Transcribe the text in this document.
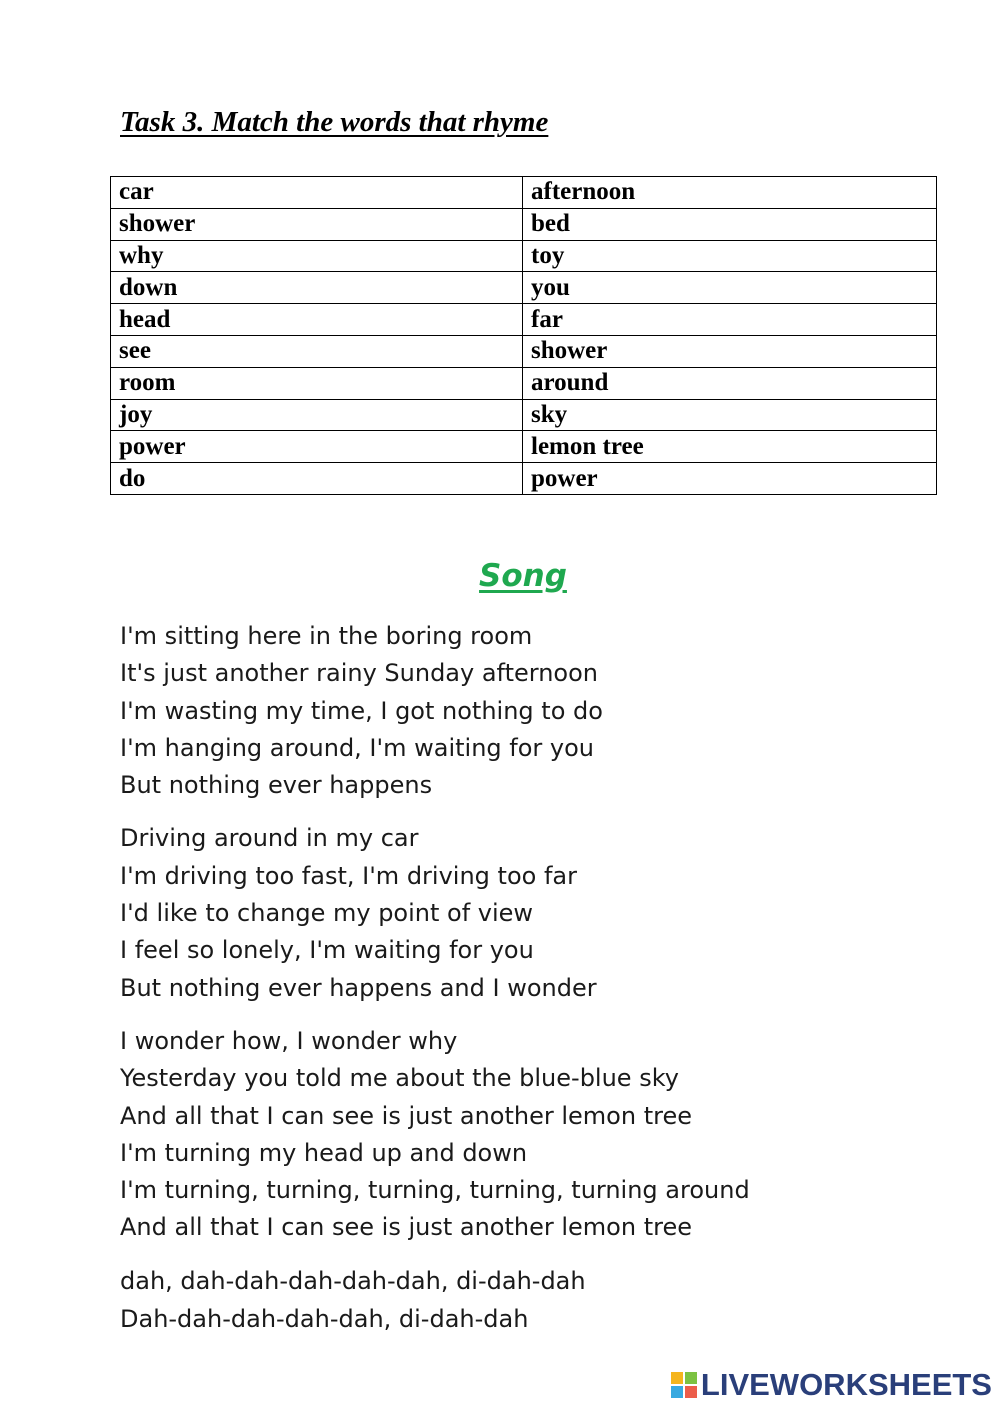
Task 3. Match the words that rhyme
car	afternoon
shower	bed
why	toy
down	you
head	far
see	shower
room	around
joy	sky
power	lemon tree
do	power
Song
I'm sitting here in the boring room
It's just another rainy Sunday afternoon
I'm wasting my time, I got nothing to do
I'm hanging around, I'm waiting for you
But nothing ever happens
Driving around in my car
I'm driving too fast, I'm driving too far
I'd like to change my point of view
I feel so lonely, I'm waiting for you
But nothing ever happens and I wonder
I wonder how, I wonder why
Yesterday you told me about the blue-blue sky
And all that I can see is just another lemon tree
I'm turning my head up and down
I'm turning, turning, turning, turning, turning around
And all that I can see is just another lemon tree
dah, dah-dah-dah-dah-dah, di-dah-dah
Dah-dah-dah-dah-dah, di-dah-dah
LIVEWORKSHEETS
